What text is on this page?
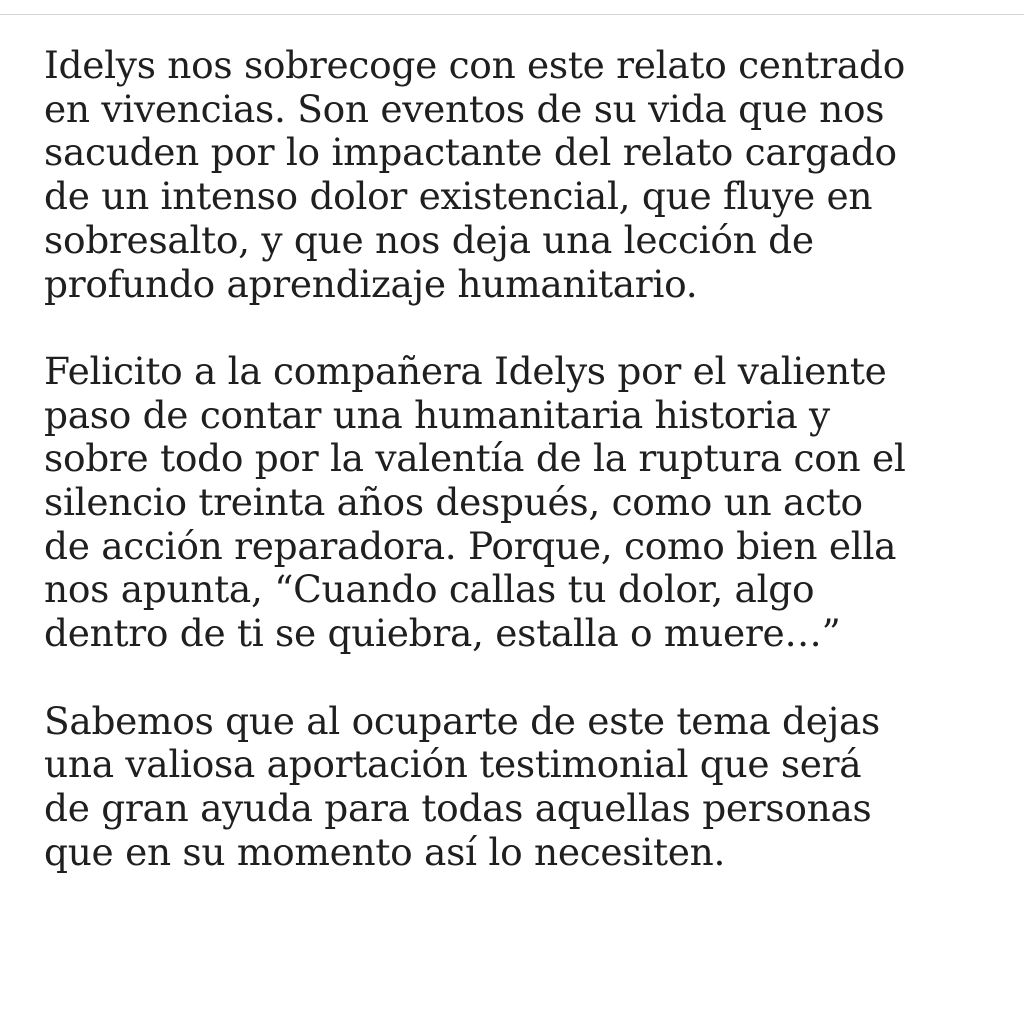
Idelys nos sobrecoge con este relato centrado
en vivencias. Son eventos de su vida que nos
sacuden por lo impactante del relato cargado
de un intenso dolor existencial, que fluye en
sobresalto, y que nos deja una lección de
profundo aprendizaje humanitario.

Felicito a la compañera Idelys por el valiente
paso de contar una humanitaria historia y
sobre todo por la valentía de la ruptura con el
silencio treinta años después, como un acto
de acción reparadora. Porque, como bien ella
nos apunta, “Cuando callas tu dolor, algo
dentro de ti se quiebra, estalla o muere…”

Sabemos que al ocuparte de este tema dejas
una valiosa aportación testimonial que será
de gran ayuda para todas aquellas personas
que en su momento así lo necesiten.
